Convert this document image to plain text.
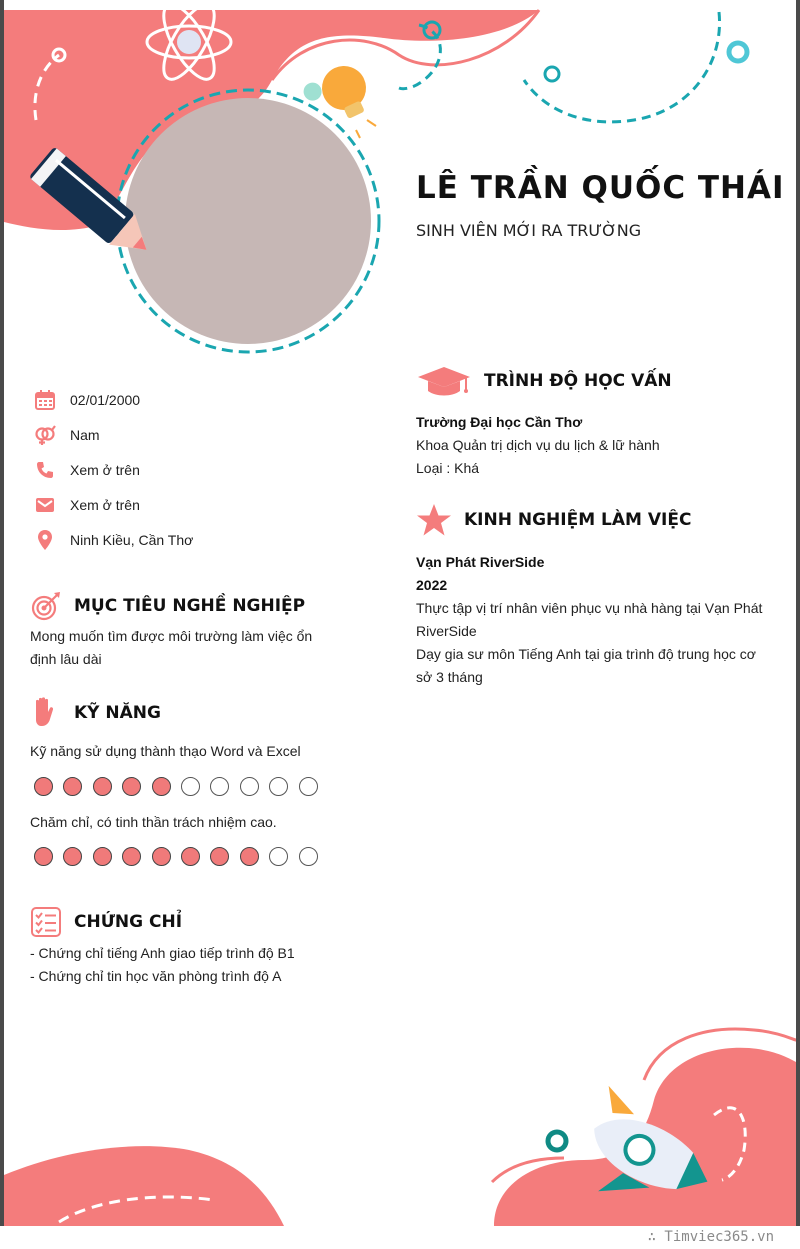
LÊ TRẦN QUỐC THÁI
SINH VIÊN MỚI RA TRƯỜNG
02/01/2000
Nam
Xem ở trên
Xem ở trên
Ninh Kiều, Cần Thơ
MỤC TIÊU NGHỀ NGHIỆP
Mong muốn tìm được môi trường làm việc ổn
định lâu dài
KỸ NĂNG
Kỹ năng sử dụng thành thạo Word và Excel
Chăm chỉ, có tinh thần trách nhiệm cao.
CHỨNG CHỈ
- Chứng chỉ tiếng Anh giao tiếp trình độ B1
- Chứng chỉ tin học văn phòng trình độ A
TRÌNH ĐỘ HỌC VẤN
Trường Đại học Cần Thơ
Khoa Quản trị dịch vụ du lịch & lữ hành
Loại : Khá
KINH NGHIỆM LÀM VIỆC
Vạn Phát RiverSide
2022
Thực tập vị trí nhân viên phục vụ nhà hàng tại Vạn Phát
RiverSide
Dạy gia sư môn Tiếng Anh tại gia trình độ trung học cơ
sở 3 tháng
∴ Timviec365.vn
